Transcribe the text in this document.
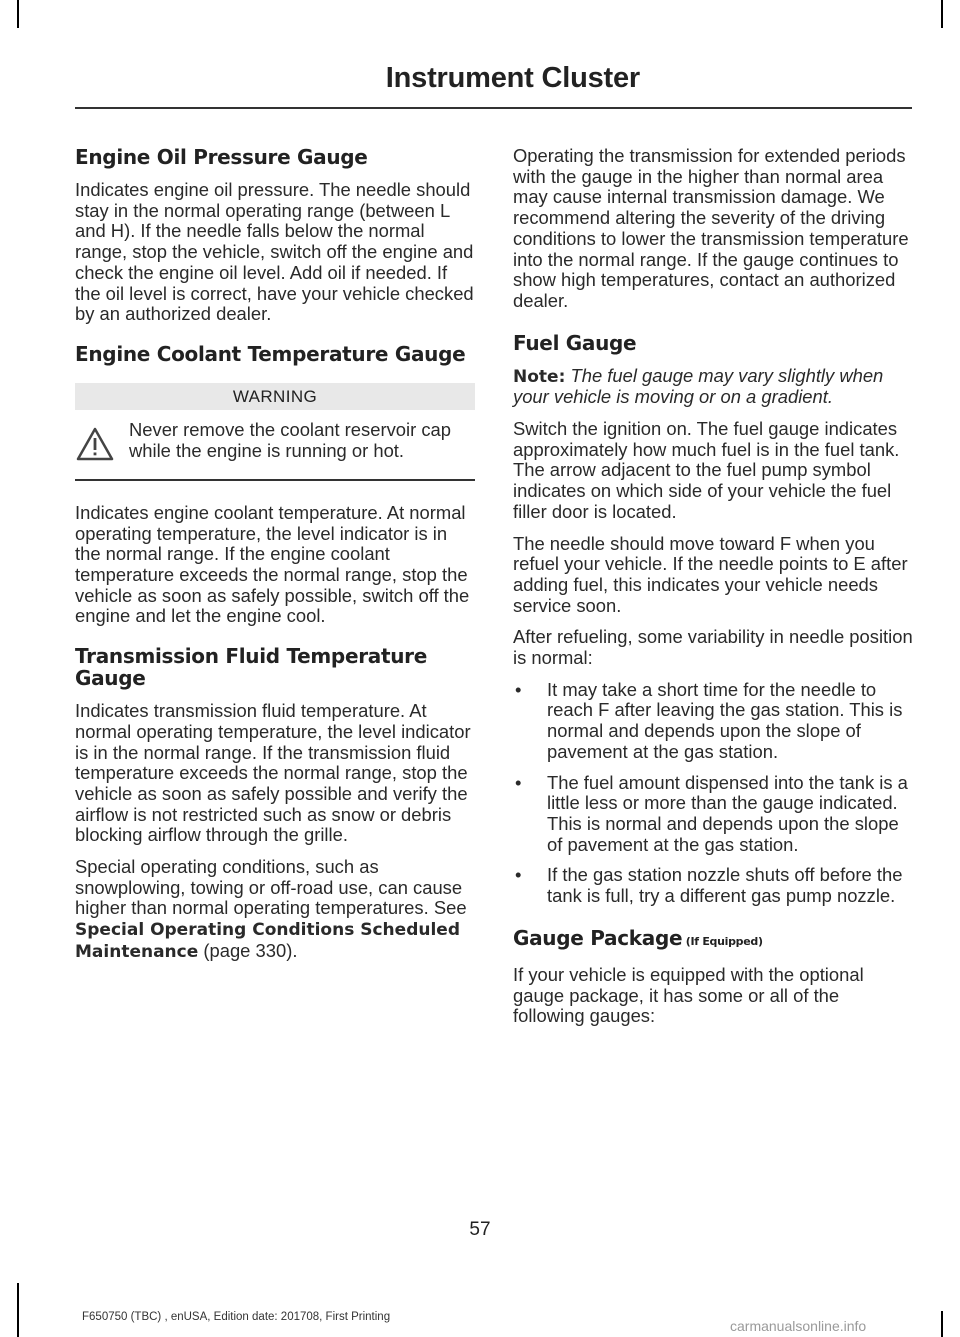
Instrument Cluster
Engine Oil Pressure Gauge

Indicates engine oil pressure. The needle should stay in the normal operating range (between L and H). If the needle falls below the normal range, stop the vehicle, switch off the engine and check the engine oil level. Add oil if needed. If the oil level is correct, have your vehicle checked by an authorized dealer.

Engine Coolant Temperature Gauge
WARNING
Never remove the coolant reservoir cap while the engine is running or hot.

Indicates engine coolant temperature. At normal operating temperature, the level indicator is in the normal range. If the engine coolant temperature exceeds the normal range, stop the vehicle as soon as safely possible, switch off the engine and let the engine cool.

Transmission Fluid Temperature Gauge

Indicates transmission fluid temperature. At normal operating temperature, the level indicator is in the normal range. If the transmission fluid temperature exceeds the normal range, stop the vehicle as soon as safely possible and verify the airflow is not restricted such as snow or debris blocking airflow through the grille.

Special operating conditions, such as snowplowing, towing or off-road use, can cause higher than normal operating temperatures. See Special Operating Conditions Scheduled Maintenance (page 330).

Operating the transmission for extended periods with the gauge in the higher than normal area may cause internal transmission damage. We recommend altering the severity of the driving conditions to lower the transmission temperature into the normal range. If the gauge continues to show high temperatures, contact an authorized dealer.

Fuel Gauge

Note: The fuel gauge may vary slightly when your vehicle is moving or on a gradient.

Switch the ignition on. The fuel gauge indicates approximately how much fuel is in the fuel tank. The arrow adjacent to the fuel pump symbol indicates on which side of your vehicle the fuel filler door is located.

The needle should move toward F when you refuel your vehicle. If the needle points to E after adding fuel, this indicates your vehicle needs service soon.

After refueling, some variability in needle position is normal:

• It may take a short time for the needle to reach F after leaving the gas station. This is normal and depends upon the slope of pavement at the gas station.
• The fuel amount dispensed into the tank is a little less or more than the gauge indicated. This is normal and depends upon the slope of pavement at the gas station.
• If the gas station nozzle shuts off before the tank is full, try a different gas pump nozzle.
Gauge Package (If Equipped)

If your vehicle is equipped with the optional gauge package, it has some or all of the following gauges:

57
F650750 (TBC) , enUSA, Edition date: 201708, First Printing
carmanualsonline.info
